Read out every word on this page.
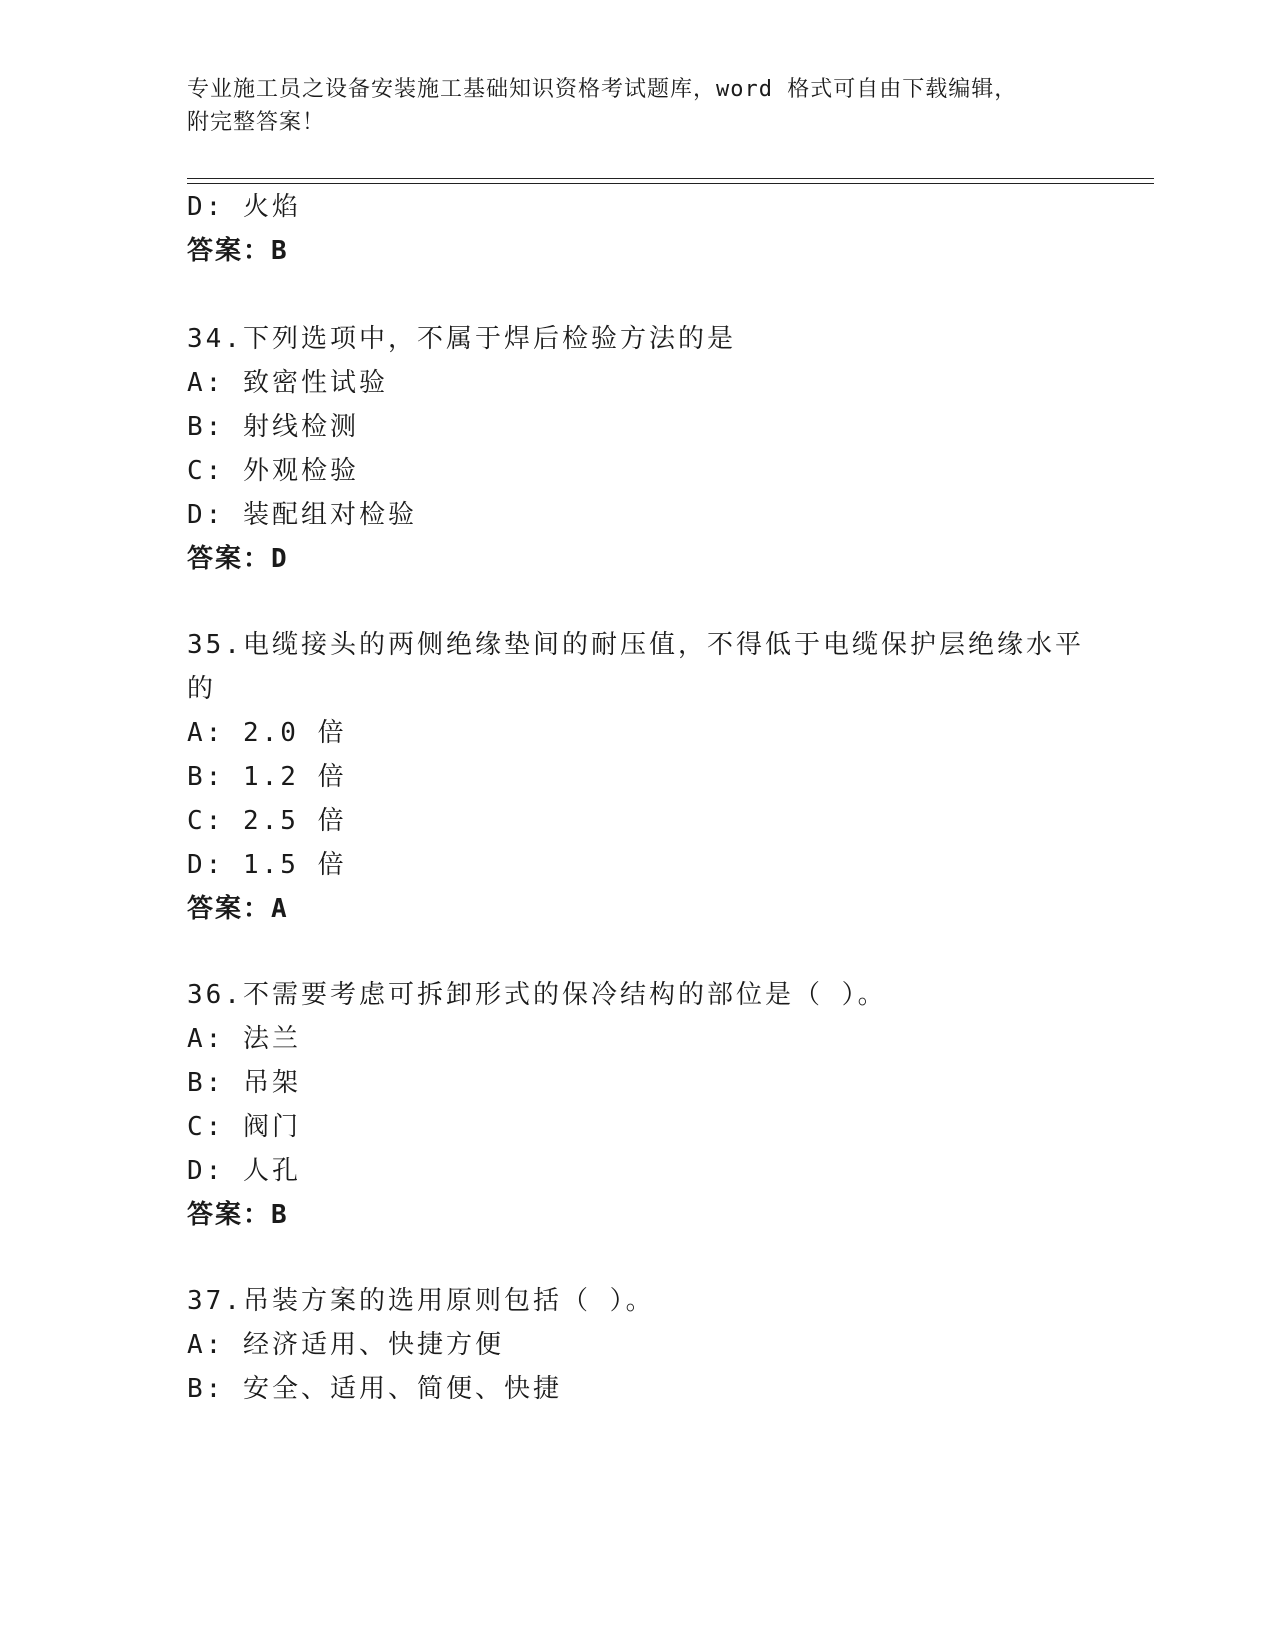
专业施工员之设备安装施工基础知识资格考试题库，word 格式可自由下载编辑，
附完整答案！
D: 火焰
答案：B
34.下列选项中，不属于焊后检验方法的是
A: 致密性试验
B: 射线检测
C: 外观检验
D: 装配组对检验
答案：D
35.电缆接头的两侧绝缘垫间的耐压值，不得低于电缆保护层绝缘水平
的
A: 2.0 倍
B: 1.2 倍
C: 2.5 倍
D: 1.5 倍
答案：A
36.不需要考虑可拆卸形式的保冷结构的部位是（ ）。
A: 法兰
B: 吊架
C: 阀门
D: 人孔
答案：B
37.吊装方案的选用原则包括（ ）。
A: 经济适用、快捷方便
B: 安全、适用、简便、快捷
